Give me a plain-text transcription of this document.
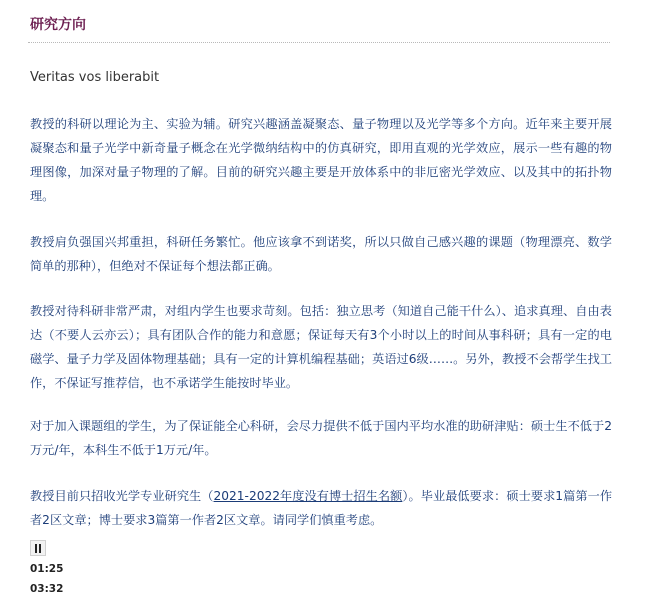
研究方向
Veritas vos liberabit

教授的科研以理论为主、实验为辅。研究兴趣涵盖凝聚态、量子物理以及光学等多个方向。近年来主要开展凝聚态和量子光学中新奇量子概念在光学微纳结构中的仿真研究，即用直观的光学效应，展示一些有趣的物理图像，加深对量子物理的了解。目前的研究兴趣主要是开放体系中的非厄密光学效应、以及其中的拓扑物理。

教授肩负强国兴邦重担，科研任务繁忙。他应该拿不到诺奖，所以只做自己感兴趣的课题（物理漂亮、数学简单的那种），但绝对不保证每个想法都正确。

教授对待科研非常严肃，对组内学生也要求苛刻。包括：独立思考（知道自己能干什么）、追求真理、自由表达（不要人云亦云）；具有团队合作的能力和意愿；保证每天有3个小时以上的时间从事科研；具有一定的电磁学、量子力学及固体物理基础；具有一定的计算机编程基础；英语过6级……。另外，教授不会帮学生找工作，不保证写推荐信，也不承诺学生能按时毕业。

对于加入课题组的学生，为了保证能全心科研，会尽力提供不低于国内平均水准的助研津贴：硕士生不低于2万元/年，本科生不低于1万元/年。

教授目前只招收光学专业研究生（2021-2022年度没有博士招生名额）。毕业最低要求：硕士要求1篇第一作者2区文章；博士要求3篇第一作者2区文章。请同学们慎重考虑。

01:25
03:32
